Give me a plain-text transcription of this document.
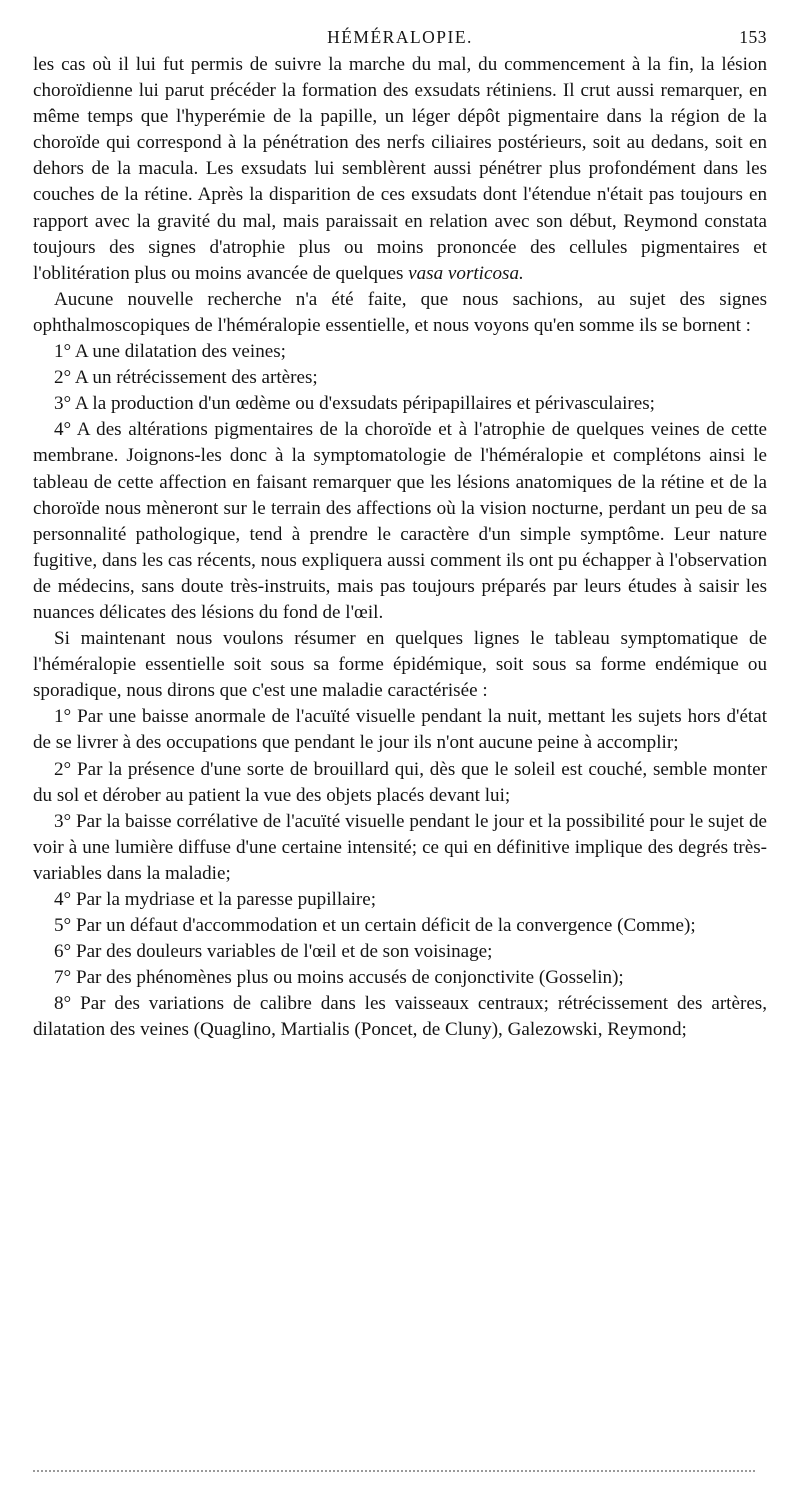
HÉMÉRALOPIE.	153

les cas où il lui fut permis de suivre la marche du mal, du commencement à la fin, la lésion choroïdienne lui parut précéder la formation des exsudats rétiniens. Il crut aussi remarquer, en même temps que l'hyperémie de la papille, un léger dépôt pigmentaire dans la région de la choroïde qui correspond à la pénétration des nerfs ciliaires postérieurs, soit au dedans, soit en dehors de la macula. Les exsudats lui semblèrent aussi pénétrer plus profondément dans les couches de la rétine. Après la disparition de ces exsudats dont l'étendue n'était pas toujours en rapport avec la gravité du mal, mais paraissait en relation avec son début, Reymond constata toujours des signes d'atrophie plus ou moins prononcée des cellules pigmentaires et l'oblitération plus ou moins avancée de quelques vasa vorticosa.

Aucune nouvelle recherche n'a été faite, que nous sachions, au sujet des signes ophthalmoscopiques de l'héméralopie essentielle, et nous voyons qu'en somme ils se bornent :

1° A une dilatation des veines;

2° A un rétrécissement des artères;

3° A la production d'un œdème ou d'exsudats péripapillaires et périvasculaires;

4° A des altérations pigmentaires de la choroïde et à l'atrophie de quelques veines de cette membrane. Joignons-les donc à la symptomatologie de l'héméralopie et complétons ainsi le tableau de cette affection en faisant remarquer que les lésions anatomiques de la rétine et de la choroïde nous mèneront sur le terrain des affections où la vision nocturne, perdant un peu de sa personnalité pathologique, tend à prendre le caractère d'un simple symptôme. Leur nature fugitive, dans les cas récents, nous expliquera aussi comment ils ont pu échapper à l'observation de médecins, sans doute très-instruits, mais pas toujours préparés par leurs études à saisir les nuances délicates des lésions du fond de l'œil.

Si maintenant nous voulons résumer en quelques lignes le tableau symptomatique de l'héméralopie essentielle soit sous sa forme épidémique, soit sous sa forme endémique ou sporadique, nous dirons que c'est une maladie caractérisée :

1° Par une baisse anormale de l'acuïté visuelle pendant la nuit, mettant les sujets hors d'état de se livrer à des occupations que pendant le jour ils n'ont aucune peine à accomplir;

2° Par la présence d'une sorte de brouillard qui, dès que le soleil est couché, semble monter du sol et dérober au patient la vue des objets placés devant lui;

3° Par la baisse corrélative de l'acuïté visuelle pendant le jour et la possibilité pour le sujet de voir à une lumière diffuse d'une certaine intensité; ce qui en définitive implique des degrés très-variables dans la maladie;

4° Par la mydriase et la paresse pupillaire;

5° Par un défaut d'accommodation et un certain déficit de la convergence (Comme);

6° Par des douleurs variables de l'œil et de son voisinage;

7° Par des phénomènes plus ou moins accusés de conjonctivite (Gosselin);

8° Par des variations de calibre dans les vaisseaux centraux; rétrécissement des artères, dilatation des veines (Quaglino, Martialis (Poncet, de Cluny), Galezowski, Reymond;
